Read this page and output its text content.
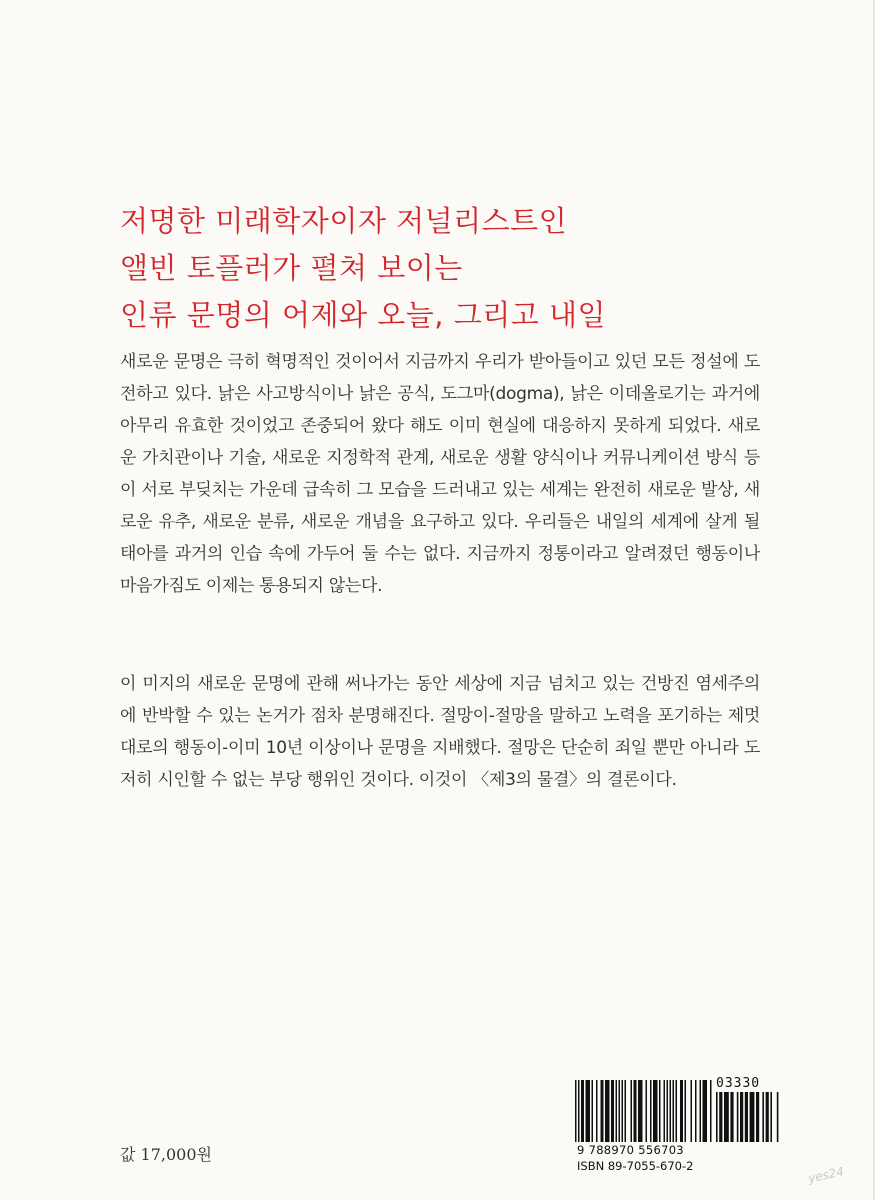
저명한 미래학자이자 저널리스트인
앨빈 토플러가 펼쳐 보이는
인류 문명의 어제와 오늘, 그리고 내일
새로운 문명은 극히 혁명적인 것이어서 지금까지 우리가 받아들이고 있던 모든 정설에 도전하고 있다. 낡은 사고방식이나 낡은 공식, 도그마(dogma), 낡은 이데올로기는 과거에 아무리 유효한 것이었고 존중되어 왔다 해도 이미 현실에 대응하지 못하게 되었다. 새로운 가치관이나 기술, 새로운 지정학적 관계, 새로운 생활 양식이나 커뮤니케이션 방식 등이 서로 부딪치는 가운데 급속히 그 모습을 드러내고 있는 세계는 완전히 새로운 발상, 새로운 유추, 새로운 분류, 새로운 개념을 요구하고 있다. 우리들은 내일의 세계에 살게 될 태아를 과거의 인습 속에 가두어 둘 수는 없다. 지금까지 정통이라고 알려졌던 행동이나 마음가짐도 이제는 통용되지 않는다.
이 미지의 새로운 문명에 관해 써나가는 동안 세상에 지금 넘치고 있는 건방진 염세주의에 반박할 수 있는 논거가 점차 분명해진다. 절망이-절망을 말하고 노력을 포기하는 제멋대로의 행동이-이미 10년 이상이나 문명을 지배했다. 절망은 단순히 죄일 뿐만 아니라 도저히 시인할 수 없는 부당 행위인 것이다. 이것이 〈제3의 물결〉의 결론이다.
값 17,000원
03330
9 788970 556703
ISBN 89-7055-670-2	yes24
